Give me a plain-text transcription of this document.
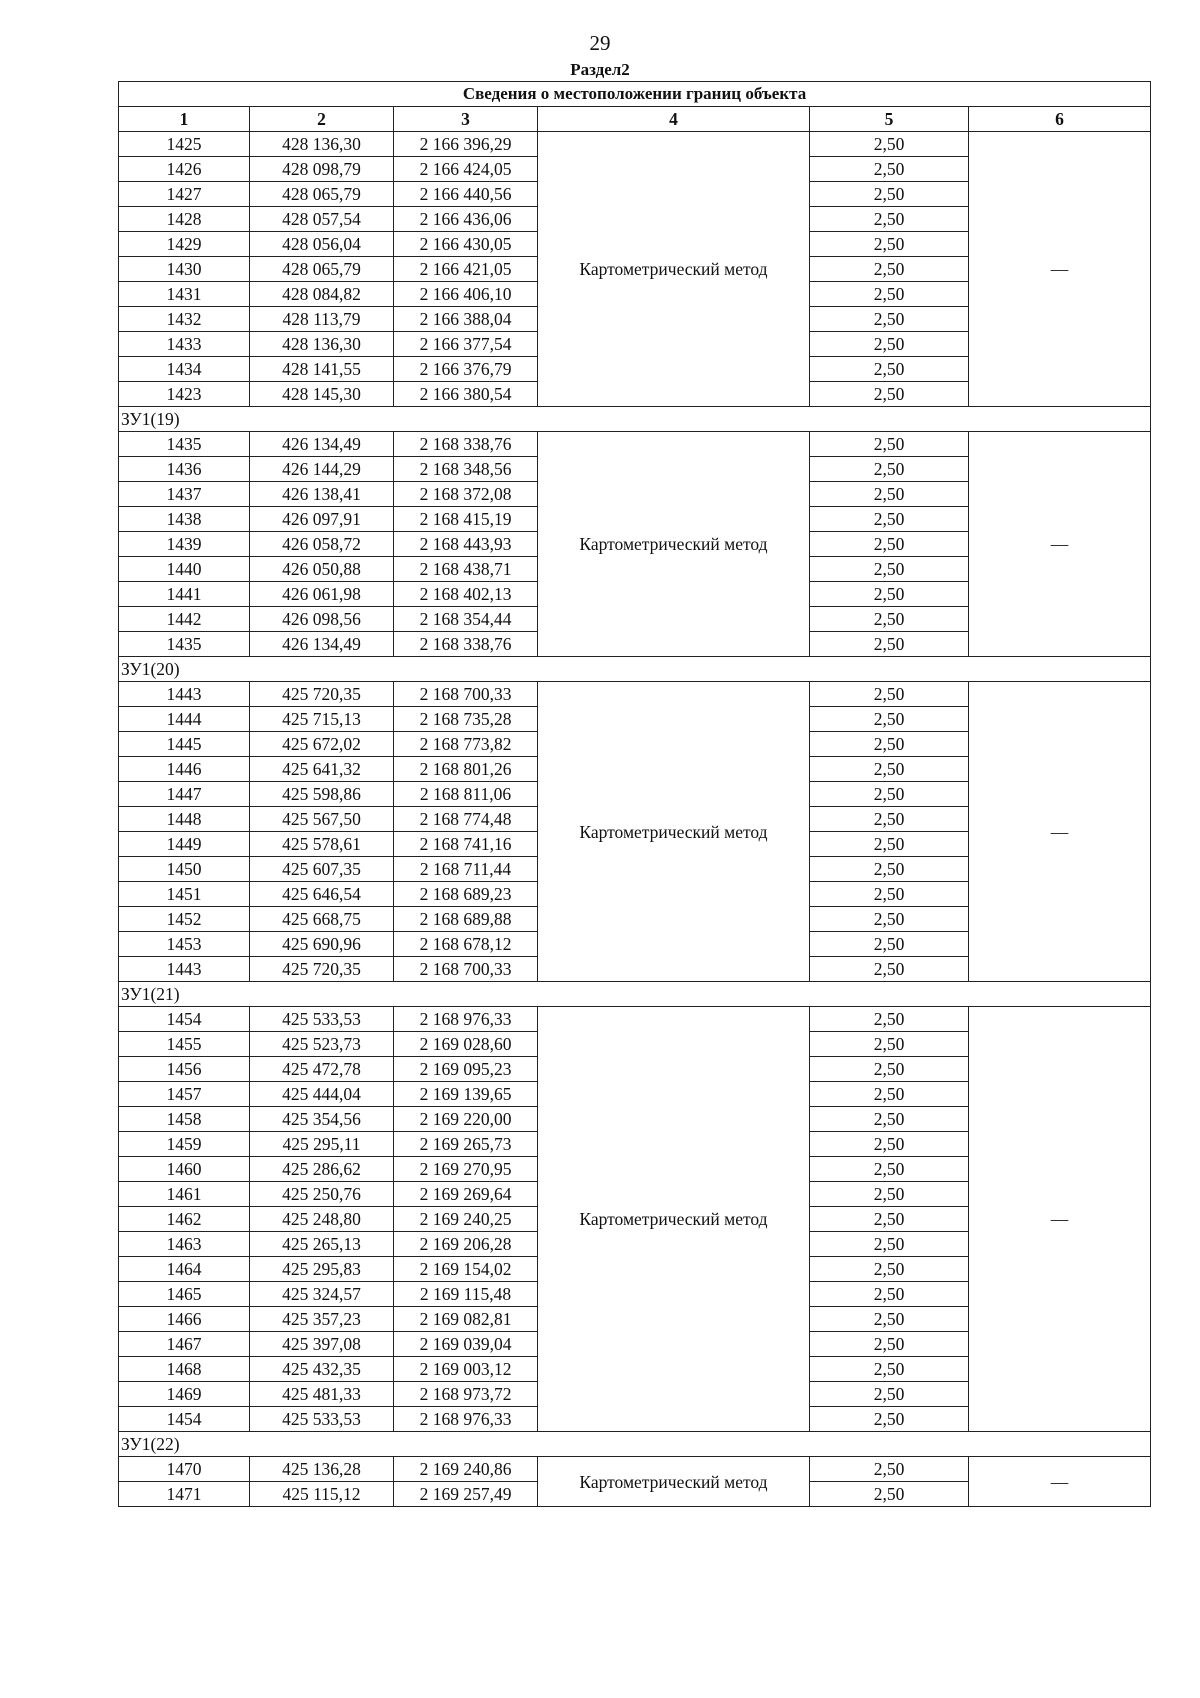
29
Раздел2
Сведения о местоположении границ объекта					
1	2	3	4	5	6
1425	428 136,30	2 166 396,29	Картометрический метод	2,50	—
1426	428 098,79	2 166 424,05		2,50	
1427	428 065,79	2 166 440,56		2,50	
1428	428 057,54	2 166 436,06		2,50	
1429	428 056,04	2 166 430,05		2,50	
1430	428 065,79	2 166 421,05		2,50	
1431	428 084,82	2 166 406,10		2,50	
1432	428 113,79	2 166 388,04		2,50	
1433	428 136,30	2 166 377,54		2,50	
1434	428 141,55	2 166 376,79		2,50	
1423	428 145,30	2 166 380,54		2,50	
ЗУ1(19)					
1435	426 134,49	2 168 338,76	Картометрический метод	2,50	—
1436	426 144,29	2 168 348,56		2,50	
1437	426 138,41	2 168 372,08		2,50	
1438	426 097,91	2 168 415,19		2,50	
1439	426 058,72	2 168 443,93		2,50	
1440	426 050,88	2 168 438,71		2,50	
1441	426 061,98	2 168 402,13		2,50	
1442	426 098,56	2 168 354,44		2,50	
1435	426 134,49	2 168 338,76		2,50	
ЗУ1(20)					
1443	425 720,35	2 168 700,33	Картометрический метод	2,50	—
1444	425 715,13	2 168 735,28		2,50	
1445	425 672,02	2 168 773,82		2,50	
1446	425 641,32	2 168 801,26		2,50	
1447	425 598,86	2 168 811,06		2,50	
1448	425 567,50	2 168 774,48		2,50	
1449	425 578,61	2 168 741,16		2,50	
1450	425 607,35	2 168 711,44		2,50	
1451	425 646,54	2 168 689,23		2,50	
1452	425 668,75	2 168 689,88		2,50	
1453	425 690,96	2 168 678,12		2,50	
1443	425 720,35	2 168 700,33		2,50	
ЗУ1(21)					
1454	425 533,53	2 168 976,33	Картометрический метод	2,50	—
1455	425 523,73	2 169 028,60		2,50	
1456	425 472,78	2 169 095,23		2,50	
1457	425 444,04	2 169 139,65		2,50	
1458	425 354,56	2 169 220,00		2,50	
1459	425 295,11	2 169 265,73		2,50	
1460	425 286,62	2 169 270,95		2,50	
1461	425 250,76	2 169 269,64		2,50	
1462	425 248,80	2 169 240,25		2,50	
1463	425 265,13	2 169 206,28		2,50	
1464	425 295,83	2 169 154,02		2,50	
1465	425 324,57	2 169 115,48		2,50	
1466	425 357,23	2 169 082,81		2,50	
1467	425 397,08	2 169 039,04		2,50	
1468	425 432,35	2 169 003,12		2,50	
1469	425 481,33	2 168 973,72		2,50	
1454	425 533,53	2 168 976,33		2,50	
ЗУ1(22)					
1470	425 136,28	2 169 240,86	Картометрический метод	2,50	—
1471	425 115,12	2 169 257,49		2,50	
